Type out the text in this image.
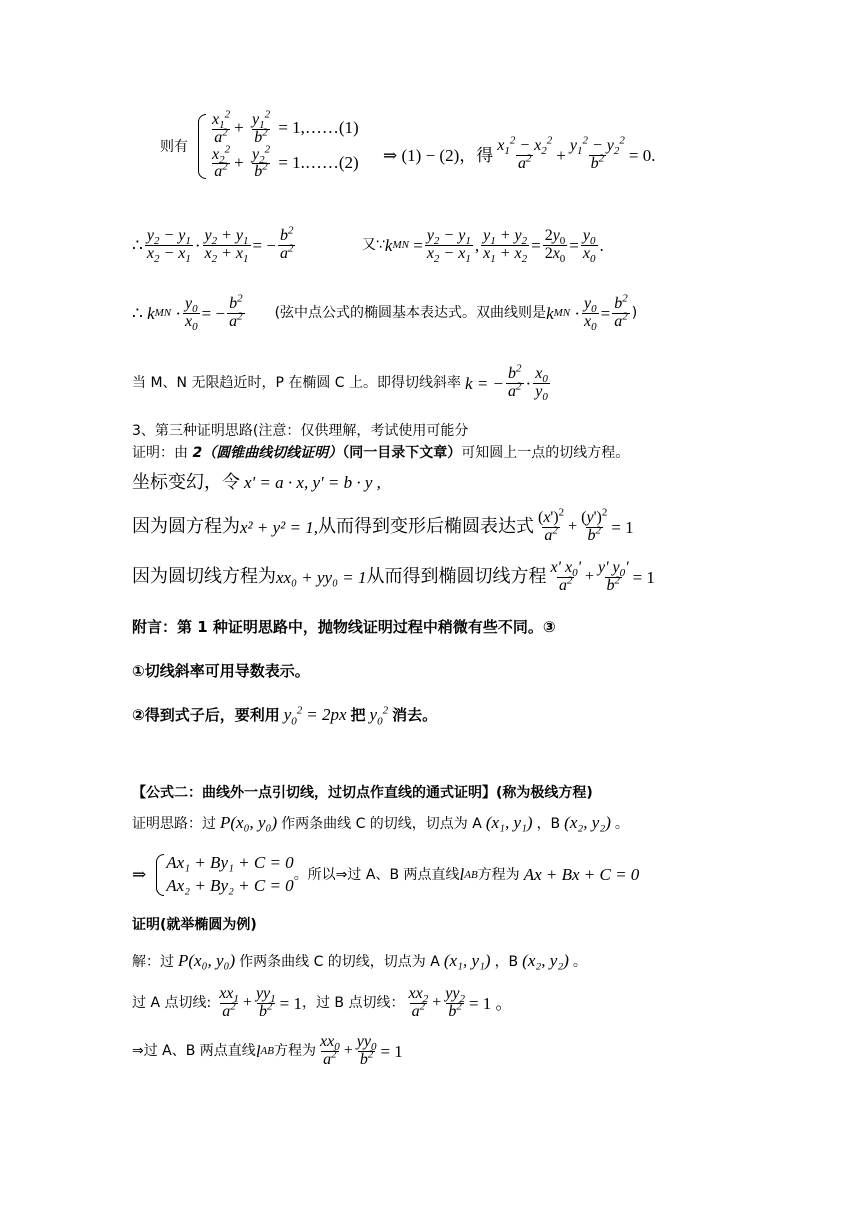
则有 $\frac{x_1^2}{a^2} + \frac{y_1^2}{b^2}$ = 1,……(1)
$\frac{x_2^2}{a^2} + \frac{y_2^2}{b^2}$ = 1.……(2) ⇒ (1) − (2)，得 $\frac{x_1^2 - x_2^2}{a^2} + \frac{y_1^2 - y_2^2}{b^2} = 0$.
∴ $\frac{y_2 - y_1}{x_2 - x_1} \cdot \frac{y_2 + y_1}{x_2 + x_1}$ = − $\frac{b^2}{a^2}$	又∵ k MN = $\frac{y_2 - y_1}{x_2 - x_1}$ , $\frac{y_1 + y_2}{x_1 + x_2} = \frac{2y_0}{2x_0} = \frac{y_0}{x_0}$ .
∴
k MN · $\frac{y_0}{x_0}$ = − $\frac{b^2}{a^2}$ (弦中点公式的椭圆基本表达式。双曲线则是 k MN · $\frac{y_0}{x_0} = \frac{b^2}{a^2}$ )
当 M、N 无限趋近时，P 在椭圆 C 上。即得切线斜率
k = − $\frac{b^2}{a^2} \cdot \frac{x_0}{y_0}$
3、第三种证明思路(注意：仅供理解，考试使用可能分
证明：由 2（圆锥曲线切线证明）（同一目录下文章）可知圆上一点的切线方程。
坐标变幻，令 x' = a · x, y' = b · y ,
因为圆方程为 x² + y² = 1, 从而得到变形后椭圆表达式 $\frac{(x')^2}{a^2} + \frac{(y')^2}{b^2} = 1$
因为圆切线方程为 xx₀ + yy₀ = 1 从而得到椭圆切线方程 $\frac{x' x_0'}{a^2} + \frac{y' y_0'}{b^2} = 1$
附言：第 1 种证明思路中，抛物线证明过程中稍微有些不同。③
①切线斜率可用导数表示。
②得到式子后，要利用 $y_0^2 = 2px$ 把 $y_0^2$ 消去。
【公式二：曲线外一点引切线，过切点作直线的通式证明】(称为极线方程)
证明思路：过 P(x₀, y₀) 作两条曲线 C 的切线，切点为 A (x₁, y₁) ，B (x₂, y₂) 。
⇒
Ax₁ + By₁ + C = 0
Ax₂ + By₂ + C = 0
。所以⇒过 A、B 两点直线 l AB 方程为
Ax + Bx + C = 0
证明(就举椭圆为例)
解：过 P(x₀, y₀) 作两条曲线 C 的切线，切点为 A (x₁, y₁) ，B (x₂, y₂) 。
过 A 点切线:
$\frac{xx_1}{a^2} + \frac{yy_1}{b^2} = 1$ ，过 B 点切线： $\frac{xx_2}{a^2} + \frac{yy_2}{b^2} = 1$ 。
⇒过 A、B 两点直线 l AB 方程为 $\frac{xx_0}{a^2} + \frac{yy_0}{b^2} = 1$
